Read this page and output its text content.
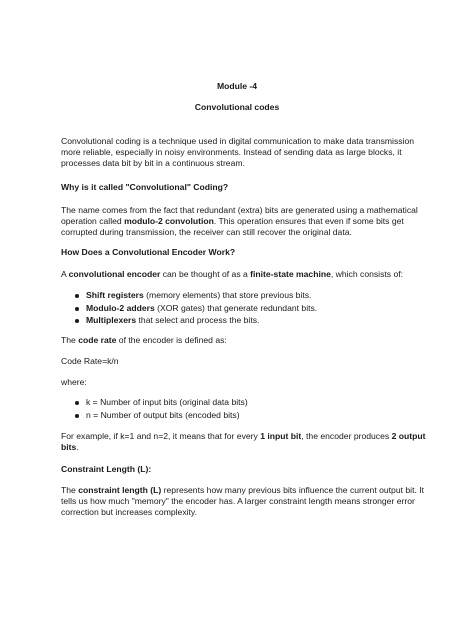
Module -4
Convolutional codes
Convolutional coding is a technique used in digital communication to make data transmission more reliable, especially in noisy environments. Instead of sending data as large blocks, it processes data bit by bit in a continuous stream.
Why is it called "Convolutional" Coding?
The name comes from the fact that redundant (extra) bits are generated using a mathematical operation called modulo-2 convolution. This operation ensures that even if some bits get corrupted during transmission, the receiver can still recover the original data.
How Does a Convolutional Encoder Work?
A convolutional encoder can be thought of as a finite-state machine, which consists of:
Shift registers (memory elements) that store previous bits.
Modulo-2 adders (XOR gates) that generate redundant bits.
Multiplexers that select and process the bits.
The code rate of the encoder is defined as:
Code Rate=k/n
where:
k = Number of input bits (original data bits)
n = Number of output bits (encoded bits)
For example, if k=1 and n=2, it means that for every 1 input bit, the encoder produces 2 output bits.
Constraint Length (L):
The constraint length (L) represents how many previous bits influence the current output bit. It tells us how much "memory" the encoder has. A larger constraint length means stronger error correction but increases complexity.
